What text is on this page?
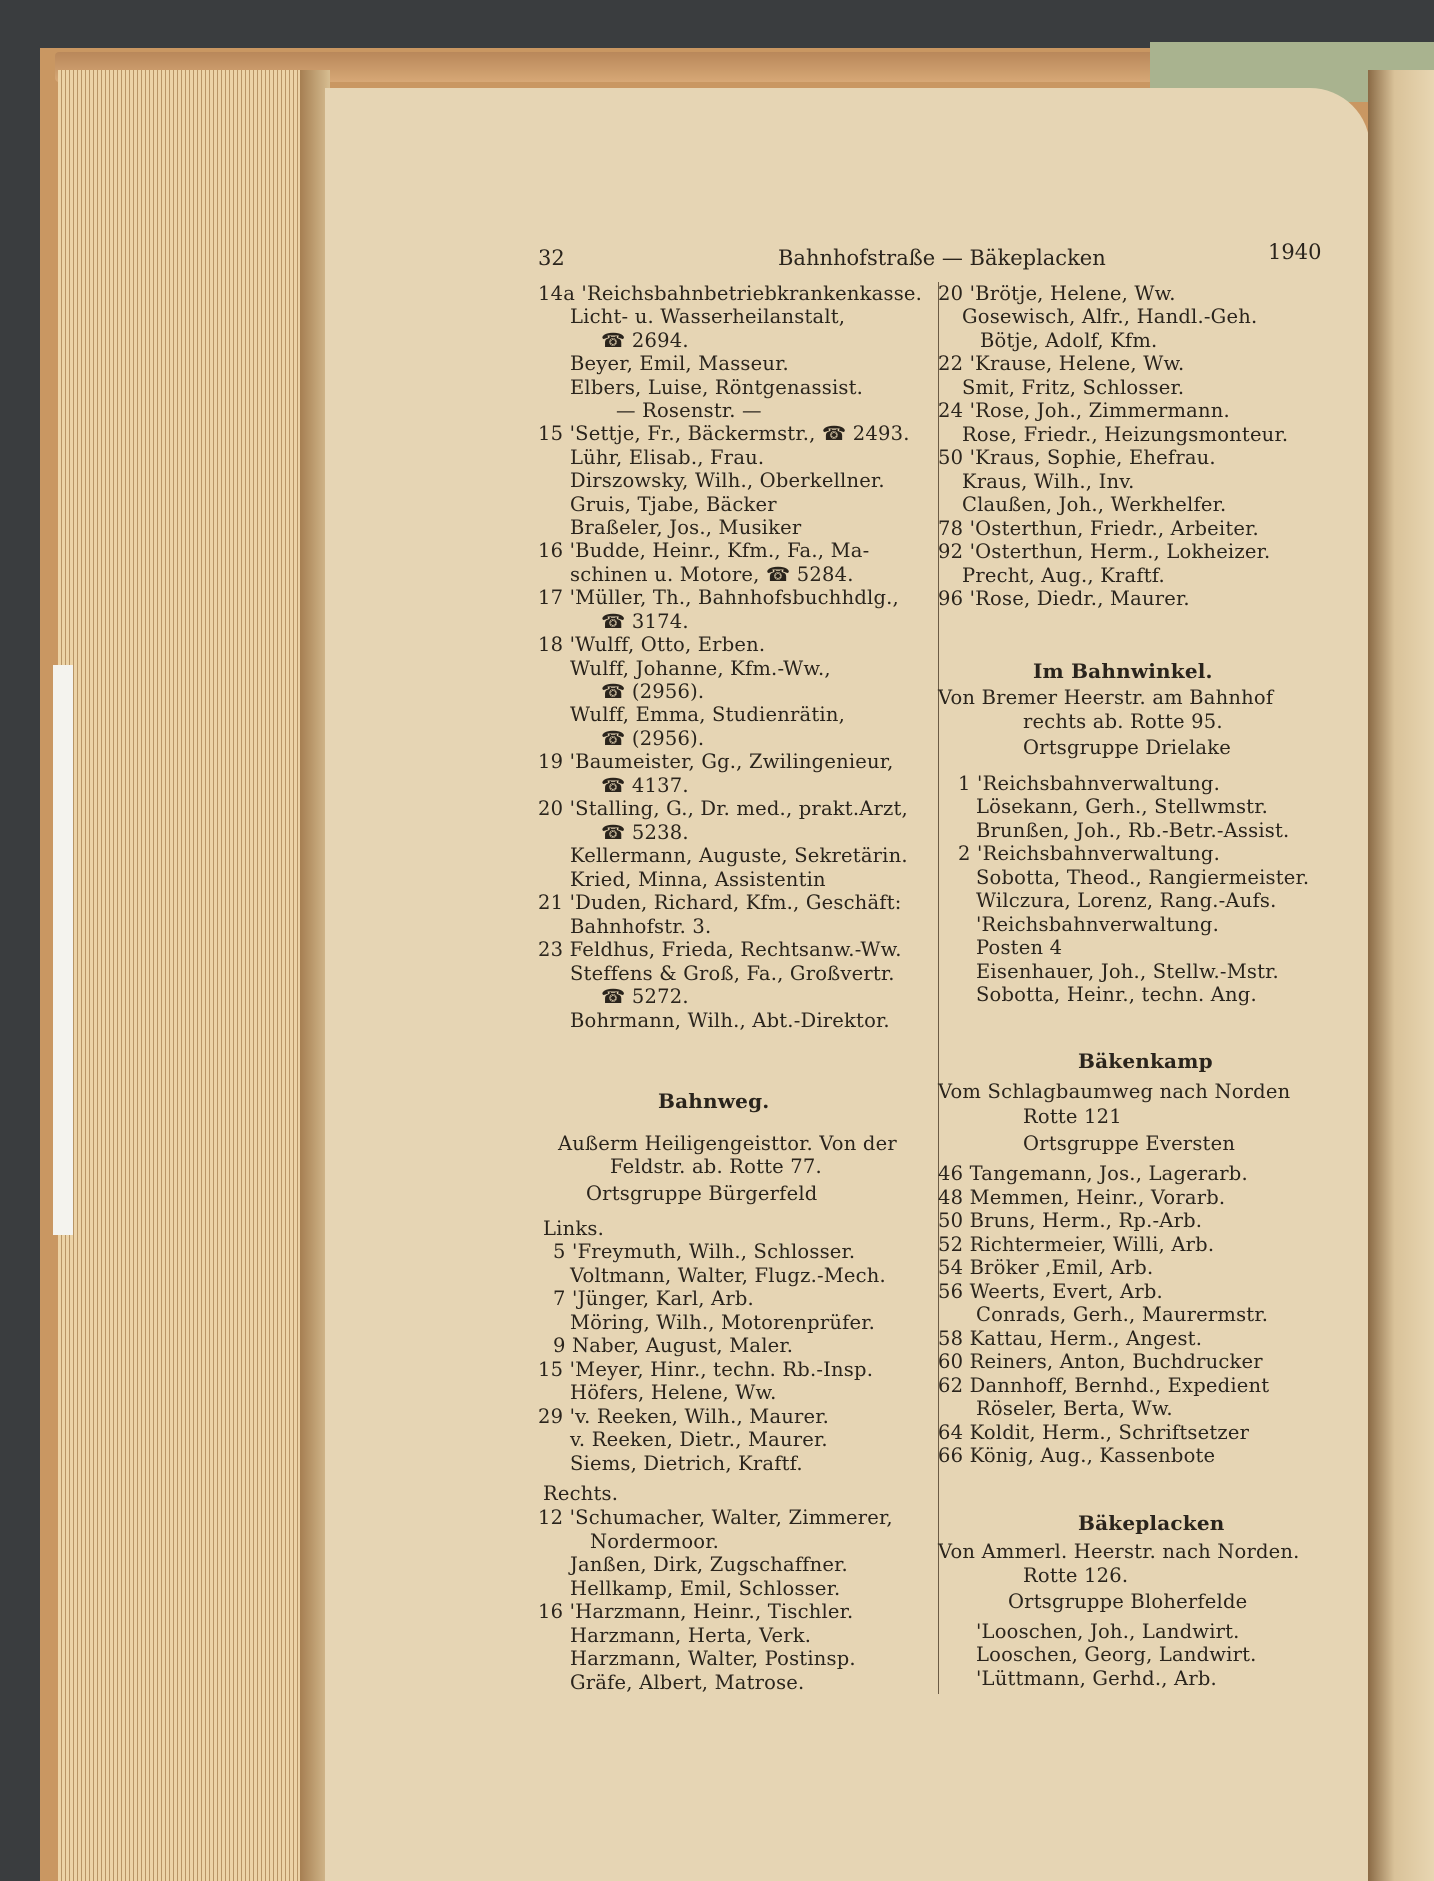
32	Bahnhofstraße — Bäkeplacken	1940
14a 'Reichsbahnbetriebkrankenkasse.
Licht- u. Wasserheilanstalt,
☎ 2694.
Beyer, Emil, Masseur.
Elbers, Luise, Röntgenassist.
— Rosenstr. —
15 'Settje, Fr., Bäckermstr., ☎ 2493.
Lühr, Elisab., Frau.
Dirszowsky, Wilh., Oberkellner.
Gruis, Tjabe, Bäcker
Braßeler, Jos., Musiker
16 'Budde, Heinr., Kfm., Fa., Ma-
schinen u. Motore, ☎ 5284.
17 'Müller, Th., Bahnhofsbuchhdlg.,
☎ 3174.
18 'Wulff, Otto, Erben.
Wulff, Johanne, Kfm.-Ww.,
☎ (2956).
Wulff, Emma, Studienrätin,
☎ (2956).
19 'Baumeister, Gg., Zwilingenieur,
☎ 4137.
20 'Stalling, G., Dr. med., prakt.Arzt,
☎ 5238.
Kellermann, Auguste, Sekretärin.
Kried, Minna, Assistentin
21 'Duden, Richard, Kfm., Geschäft:
Bahnhofstr. 3.
23 Feldhus, Frieda, Rechtsanw.-Ww.
Steffens & Groß, Fa., Großvertr.
☎ 5272.
Bohrmann, Wilh., Abt.-Direktor.
Bahnweg.
Außerm Heiligengeisttor. Von der
Feldstr. ab. Rotte 77.
Ortsgruppe Bürgerfeld
Links.
5 'Freymuth, Wilh., Schlosser.
Voltmann, Walter, Flugz.-Mech.
7 'Jünger, Karl, Arb.
Möring, Wilh., Motorenprüfer.
9 Naber, August, Maler.
15 'Meyer, Hinr., techn. Rb.-Insp.
Höfers, Helene, Ww.
29 'v. Reeken, Wilh., Maurer.
v. Reeken, Dietr., Maurer.
Siems, Dietrich, Kraftf.
Rechts.
12 'Schumacher, Walter, Zimmerer,
Nordermoor.
Janßen, Dirk, Zugschaffner.
Hellkamp, Emil, Schlosser.
16 'Harzmann, Heinr., Tischler.
Harzmann, Herta, Verk.
Harzmann, Walter, Postinsp.
Gräfe, Albert, Matrose.
20 'Brötje, Helene, Ww.
Gosewisch, Alfr., Handl.-Geh.
Bötje, Adolf, Kfm.
22 'Krause, Helene, Ww.
Smit, Fritz, Schlosser.
24 'Rose, Joh., Zimmermann.
Rose, Friedr., Heizungsmonteur.
50 'Kraus, Sophie, Ehefrau.
Kraus, Wilh., Inv.
Claußen, Joh., Werkhelfer.
78 'Osterthun, Friedr., Arbeiter.
92 'Osterthun, Herm., Lokheizer.
Precht, Aug., Kraftf.
96 'Rose, Diedr., Maurer.
Im Bahnwinkel.
Von Bremer Heerstr. am Bahnhof
rechts ab. Rotte 95.
Ortsgruppe Drielake
1 'Reichsbahnverwaltung.
Lösekann, Gerh., Stellwmstr.
Brunßen, Joh., Rb.-Betr.-Assist.
2 'Reichsbahnverwaltung.
Sobotta, Theod., Rangiermeister.
Wilczura, Lorenz, Rang.-Aufs.
'Reichsbahnverwaltung.
Posten 4
Eisenhauer, Joh., Stellw.-Mstr.
Sobotta, Heinr., techn. Ang.
Bäkenkamp
Vom Schlagbaumweg nach Norden
Rotte 121
Ortsgruppe Eversten
46 Tangemann, Jos., Lagerarb.
48 Memmen, Heinr., Vorarb.
50 Bruns, Herm., Rp.-Arb.
52 Richtermeier, Willi, Arb.
54 Bröker ,Emil, Arb.
56 Weerts, Evert, Arb.
Conrads, Gerh., Maurermstr.
58 Kattau, Herm., Angest.
60 Reiners, Anton, Buchdrucker
62 Dannhoff, Bernhd., Expedient
Röseler, Berta, Ww.
64 Koldit, Herm., Schriftsetzer
66 König, Aug., Kassenbote
Bäkeplacken
Von Ammerl. Heerstr. nach Norden.
Rotte 126.
Ortsgruppe Bloherfelde
'Looschen, Joh., Landwirt.
Looschen, Georg, Landwirt.
'Lüttmann, Gerhd., Arb.
